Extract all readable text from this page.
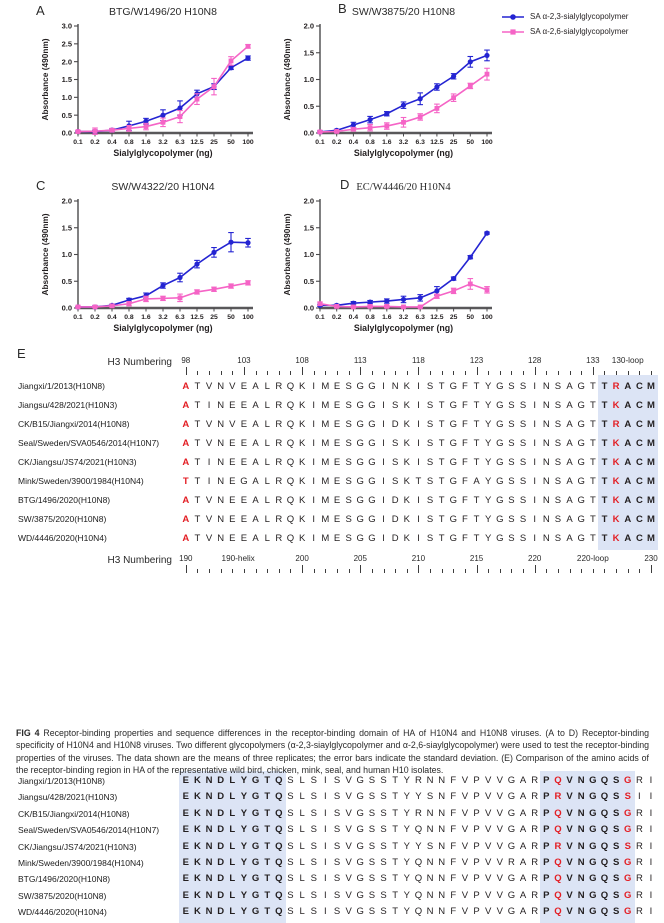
A	B
C	D
E
0.0
0.5
1.0
1.5
2.0
2.5
3.0
0.1 0.2 0.4 0.8 1.6 3.2 6.3 12.5 25 50 100
Sialylglycopolymer (ng)
Absorbance (490nm)
BTG/W1496/20 H10N8
0.0
0.5
1.0
1.5
2.0
0.1 0.2 0.4 0.8 1.6 3.2 6.3 12.5 25 50 100
Sialylglycopolymer (ng)
Absorbance (490nm)
SW/W3875/20 H10N8
0.0
0.5
1.0
1.5
2.0
0.1 0.2 0.4 0.8 1.6 3.2 6.3 12.5 25 50 100
Sialylglycopolymer (ng)
Absorbance (490nm)
SW/W4322/20 H10N4
0.0
0.5
1.0
1.5
2.0
0.1 0.2 0.4 0.8 1.6 3.2 6.3 12.5 25 50 100
Sialylglycopolymer (ng)
Absorbance (490nm)
EC/W4446/20 H10N4
SA α-2,3-sialylglycopolymer
SA α-2,6-sialylglycopolymer
H3 Numbering	98	103	108	113	118	123	128	133	130-loop
Jiangxi/1/2013(H10N8)	A T V N V E A L R Q K I M E S G G I N K I S T G F T Y G S S I N S A G T T R A C M
Jiangsu/428/2021(H10N3)	A T I N E E A L R Q K I M E S G G I S K I S T G F T Y G S S I N S A G T T K A C M
CK/B15/Jiangxi/2014(H10N8)	A T V N V E A L R Q K I M E S G G I D K I S T G F T Y G S S I N S A G T T R A C M
Seal/Sweden/SVA0546/2014(H10N7)	A T V N E E A L R Q K I M E S G G I S K I S T G F T Y G S S I N S A G T T K A C M
CK/Jiangsu/JS74/2021(H10N3)	A T I N E E A L R Q K I M E S G G I S K I S T G F T Y G S S I N S A G T T K A C M
Mink/Sweden/3900/1984(H10N4)	T T I N E G A L R Q K I M E S G G I S K T S T G F A Y G S S I N S A G T T K A C M
BTG/1496/2020(H10N8)	A T V N E E A L R Q K I M E S G G I D K I S T G F T Y G S S I N S A G T T K A C M
SW/3875/2020(H10N8)	A T V N E E A L R Q K I M E S G G I D K I S T G F T Y G S S I N S A G T T K A C M
WD/4446/2020(H10N4)	A T V N E E A L R Q K I M E S G G I D K I S T G F T Y G S S I N S A G T T K A C M
H3 Numbering 190	200	205	210	215	220	230
190-helix	220-loop
Jiangxi/1/2013(H10N8)	E K N D L Y G T Q S L S I S V G S S T Y R N N F V P V V G A R P Q V N G Q S G R I
Jiangsu/428/2021(H10N3)	E K N D L Y G T Q S L S I S V G S S T Y Y S N F V P V V G A R P R V N G Q S S I I
CK/B15/Jiangxi/2014(H10N8)	E K N D L Y G T Q S L S I S V G S S T Y R N N F V P V V G A R P Q V N G Q S G R I
Seal/Sweden/SVA0546/2014(H10N7)	E K N D L Y G T Q S L S I S V G S S T Y Q N N F V P V V G A R P Q V N G Q S G R I
CK/Jiangsu/JS74/2021(H10N3)	E K N D L Y G T Q S L S I S V G S S T Y Y S N F V P V V G A R P R V N G Q S S R I
Mink/Sweden/3900/1984(H10N4)	E K N D L Y G T Q S L S I S V G S S T Y Q N N F V P V V R A R P Q V N G Q S G R I
BTG/1496/2020(H10N8)	E K N D L Y G T Q S L S I S V G S S T Y Q N N F V P V V G A R P Q V N G Q S G R I
SW/3875/2020(H10N8)	E K N D L Y G T Q S L S I S V G S S T Y Q N N F V P V V G A R P Q V N G Q S G R I
WD/4446/2020(H10N4)	E K N D L Y G T Q S L S I S V G S S T Y Q N N F V P V V G A R P Q V N G Q S G R I

FIG 4 Receptor-binding properties and sequence differences in the receptor-binding domain of HA of H10N4 and H10N8 viruses. (A to D) Receptor-binding specificity of H10N4 and H10N8 viruses. Two different glycopolymers (α-2,3-siaylglycopolymer and α-2,6-siaylglycopolymer) were used to test the receptor-binding properties of the viruses. The data shown are the means of three replicates; the error bars indicate the standard deviation. (E) Comparison of the amino acids of the receptor-binding region in HA of the representative wild bird, chicken, mink, seal, and human H10 isolates.
